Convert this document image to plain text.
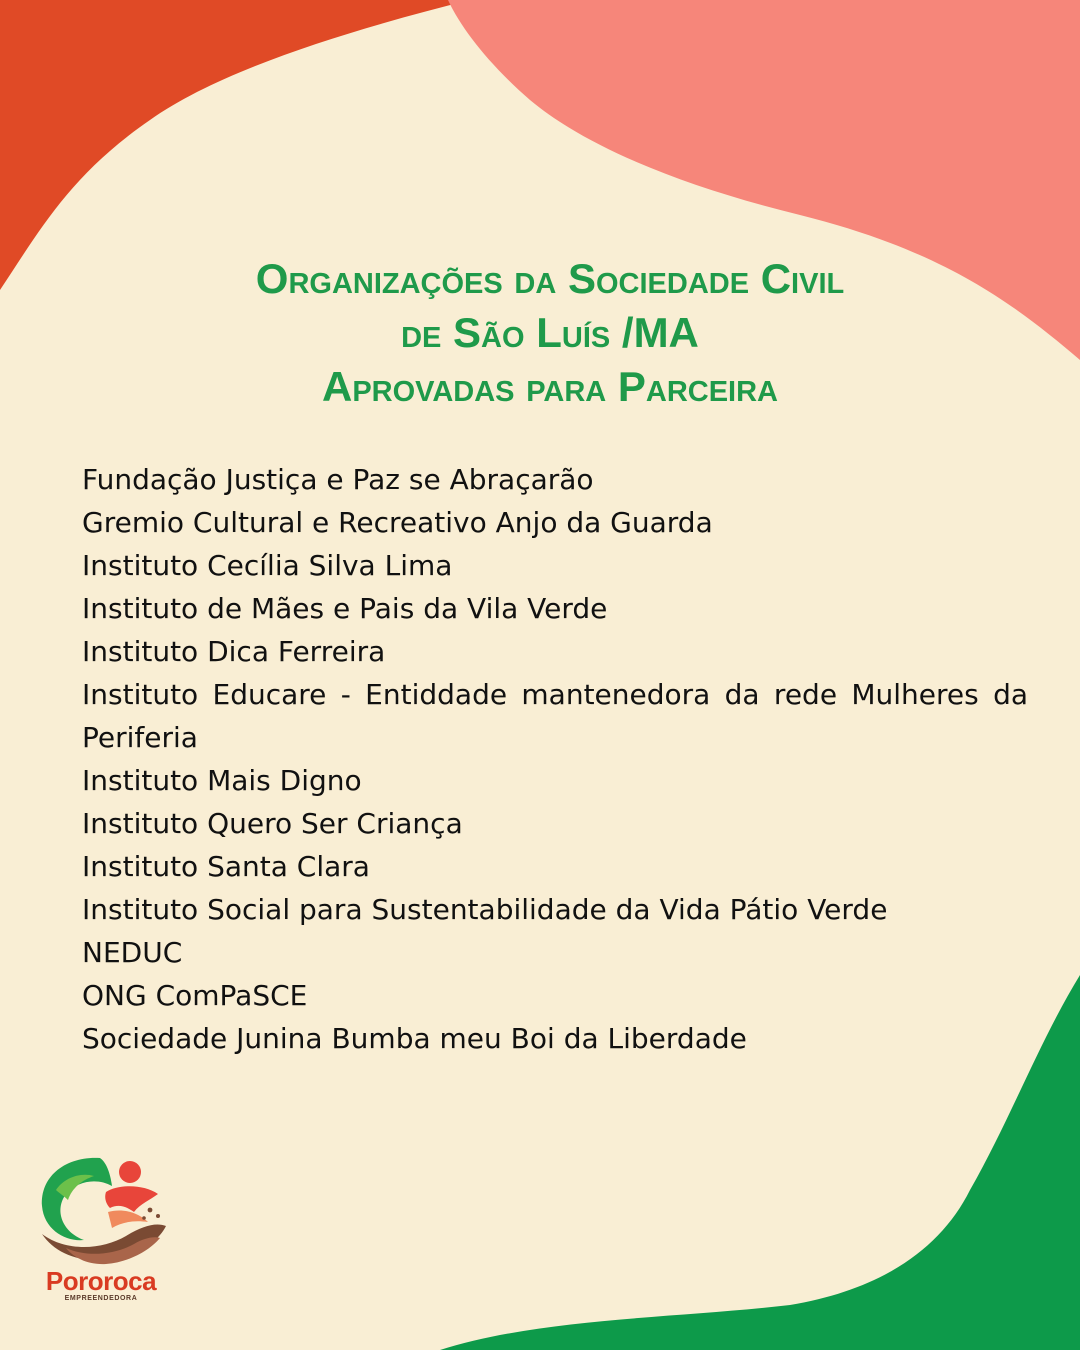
Organizações da Sociedade Civil
de São Luís /MA
Aprovadas para Parceira
Fundação Justiça e Paz se Abraçarão
Gremio Cultural e Recreativo Anjo da Guarda
Instituto Cecília Silva Lima
Instituto de Mães e Pais da Vila Verde
Instituto Dica Ferreira
Instituto Educare - Entiddade mantenedora da rede Mulheres da Periferia
Instituto Mais Digno
Instituto Quero Ser Criança
Instituto Santa Clara
Instituto Social para Sustentabilidade da Vida Pátio Verde
NEDUC
ONG ComPaSCE
Sociedade Junina Bumba meu Boi da Liberdade
Pororoca
EMPREENDEDORA
